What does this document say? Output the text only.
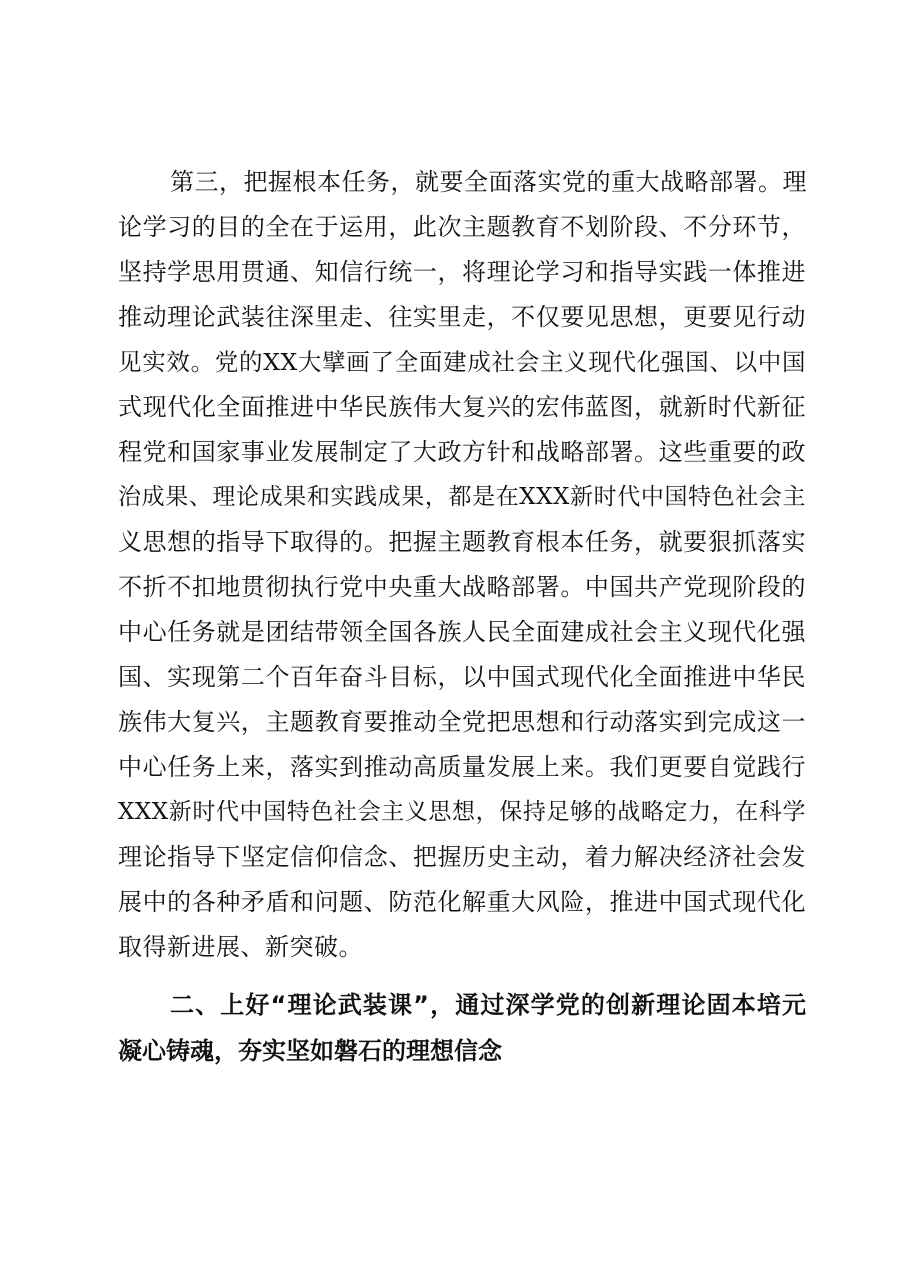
第三，把握根本任务，就要全面落实党的重大战略部署。理
论学习的目的全在于运用，此次主题教育不划阶段、不分环节，
坚持学思用贯通、知信行统一，将理论学习和指导实践一体推进
推动理论武装往深里走、往实里走，不仅要见思想，更要见行动
见实效。党的XX大擘画了全面建成社会主义现代化强国、以中国
式现代化全面推进中华民族伟大复兴的宏伟蓝图，就新时代新征
程党和国家事业发展制定了大政方针和战略部署。这些重要的政
治成果、理论成果和实践成果，都是在XXX新时代中国特色社会主
义思想的指导下取得的。把握主题教育根本任务，就要狠抓落实
不折不扣地贯彻执行党中央重大战略部署。中国共产党现阶段的
中心任务就是团结带领全国各族人民全面建成社会主义现代化强
国、实现第二个百年奋斗目标，以中国式现代化全面推进中华民
族伟大复兴，主题教育要推动全党把思想和行动落实到完成这一
中心任务上来，落实到推动高质量发展上来。我们更要自觉践行
XXX新时代中国特色社会主义思想，保持足够的战略定力，在科学
理论指导下坚定信仰信念、把握历史主动，着力解决经济社会发
展中的各种矛盾和问题、防范化解重大风险，推进中国式现代化
取得新进展、新突破。
二、上好“理论武装课”，通过深学党的创新理论固本培元
凝心铸魂，夯实坚如磐石的理想信念
